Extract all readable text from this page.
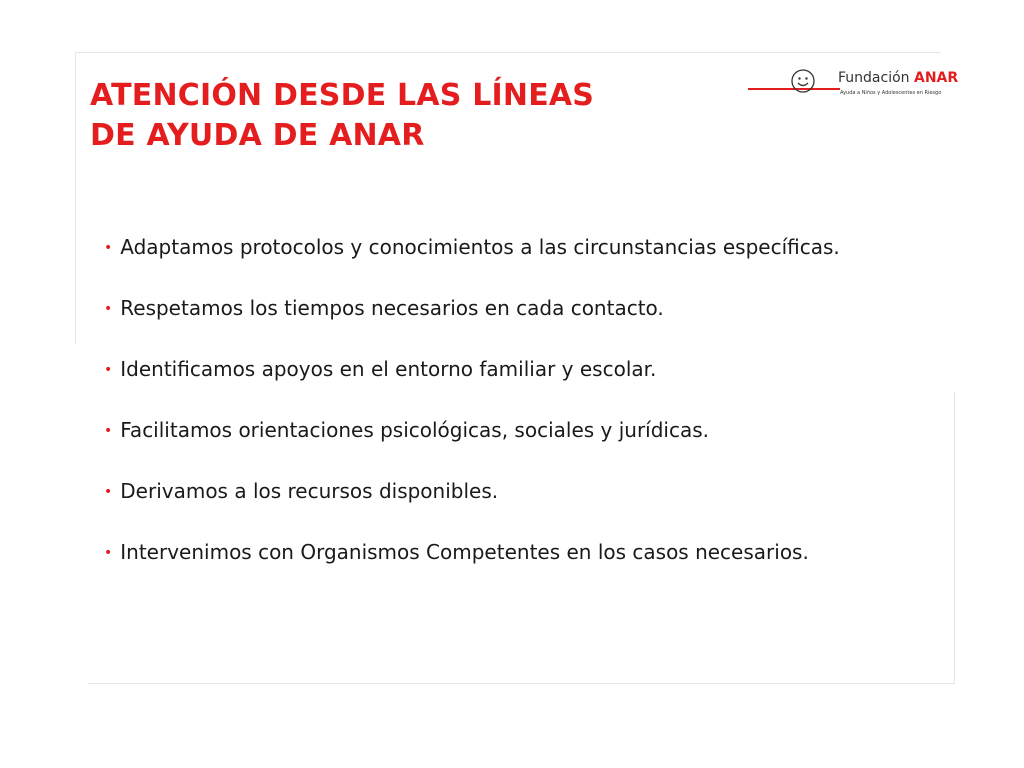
ATENCIÓN DESDE LAS LÍNEAS
DE AYUDA DE ANAR
Fundación ANAR
Ayuda a Niños y Adolescentes en Riesgo
• Adaptamos protocolos y conocimientos a las circunstancias específicas.
• Respetamos los tiempos necesarios en cada contacto.
• Identificamos apoyos en el entorno familiar y escolar.
• Facilitamos orientaciones psicológicas, sociales y jurídicas.
• Derivamos a los recursos disponibles.
• Intervenimos con Organismos Competentes en los casos necesarios.
